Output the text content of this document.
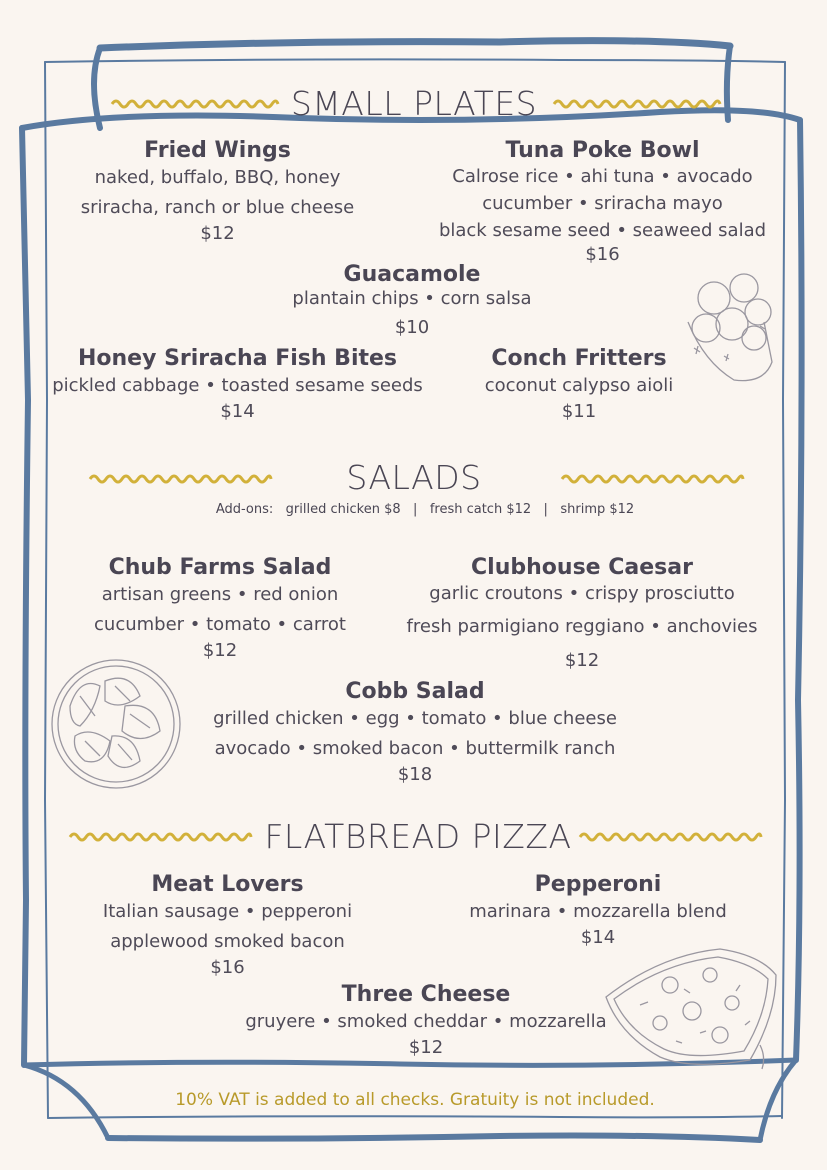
SMALL PLATES
Fried Wings
naked, buffalo, BBQ, honey
sriracha, ranch or blue cheese
$12
Tuna Poke Bowl
Calrose rice • ahi tuna • avocado
cucumber • sriracha mayo
black sesame seed • seaweed salad
$16
Guacamole
plantain chips • corn salsa
$10
Honey Sriracha Fish Bites
pickled cabbage • toasted sesame seeds
$14
Conch Fritters
coconut calypso aioli
$11
SALADS
Add-ons: grilled chicken $8 | fresh catch $12 | shrimp $12
Chub Farms Salad
artisan greens • red onion
cucumber • tomato • carrot
$12
Clubhouse Caesar
garlic croutons • crispy prosciutto
fresh parmigiano reggiano • anchovies
$12
Cobb Salad
grilled chicken • egg • tomato • blue cheese
avocado • smoked bacon • buttermilk ranch
$18
FLATBREAD PIZZA
Meat Lovers
Italian sausage • pepperoni
applewood smoked bacon
$16
Pepperoni
marinara • mozzarella blend
$14
Three Cheese
gruyere • smoked cheddar • mozzarella
$12
10% VAT is added to all checks. Gratuity is not included.
